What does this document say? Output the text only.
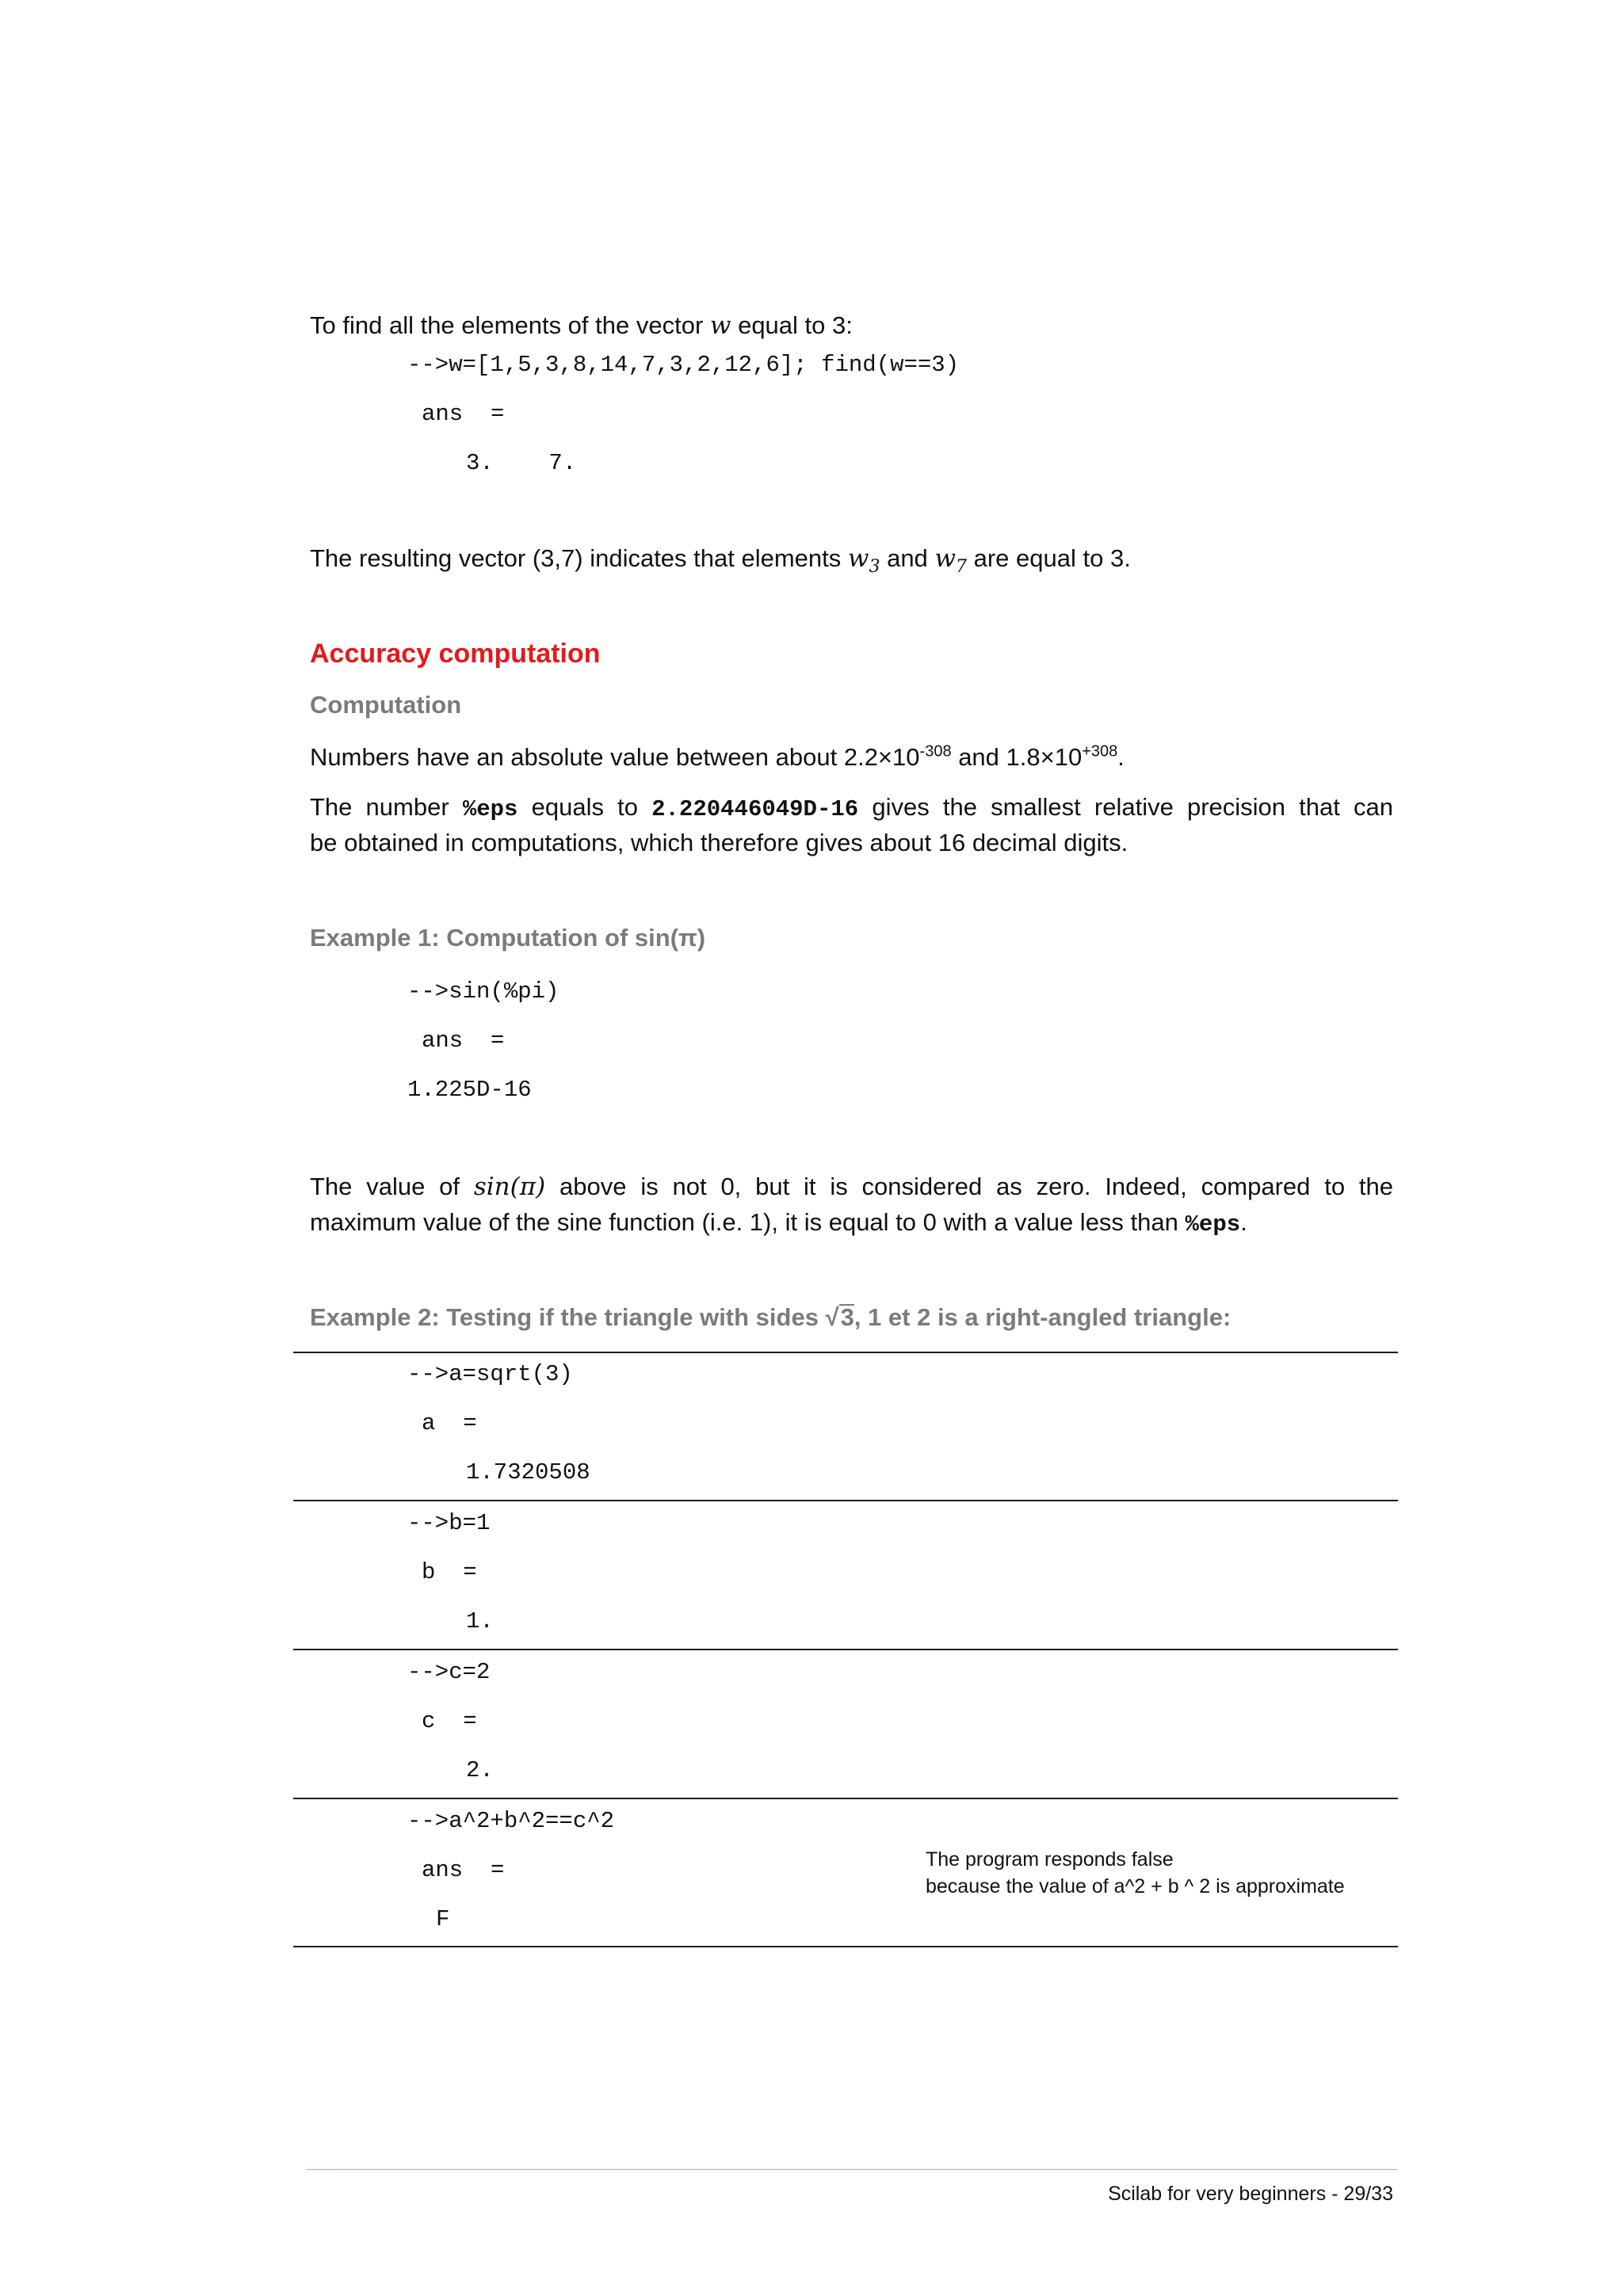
To find all the elements of the vector w equal to 3:
-->w=[1,5,3,8,14,7,3,2,12,6]; find(w==3)
ans  =
3.    7.
The resulting vector (3,7) indicates that elements $w_3$ and $w_7$ are equal to 3.
Accuracy computation
Computation
Numbers have an absolute value between about $2.2\times 10^{-308}$ and $1.8\times 10^{+308}$.
The number %eps equals to 2.220446049D-16 gives the smallest relative precision that can
be obtained in computations, which therefore gives about 16 decimal digits.
Example 1: Computation of sin(π)
-->sin(%pi)
ans  =
1.225D-16
The value of sin(π) above is not 0, but it is considered as zero. Indeed, compared to the
maximum value of the sine function (i.e. 1), it is equal to 0 with a value less than %eps.
Example 2: Testing if the triangle with sides √3, 1 et 2 is a right-angled triangle:
-->a=sqrt(3)
a  =
1.7320508
-->b=1
b  =
1.
-->c=2
c  =
2.
-->a^2+b^2==c^2
ans  =
F
The program responds false
because the value of a^2 + b ^ 2 is approximate
Scilab for very beginners - 29/33
